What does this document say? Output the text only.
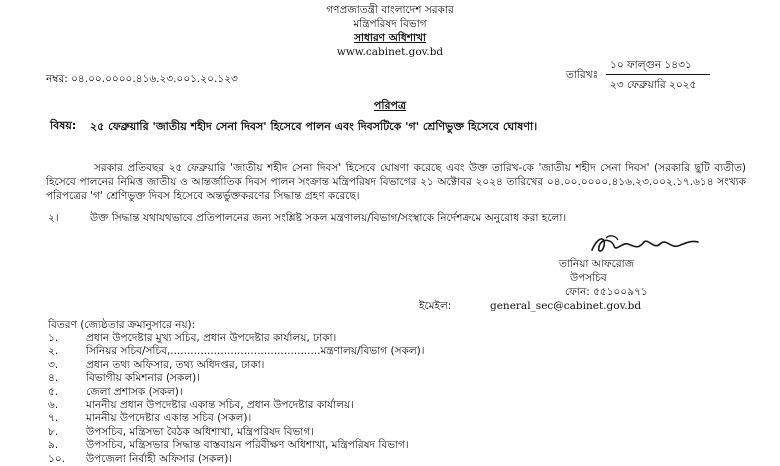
গণপ্রজাতন্ত্রী বাংলাদেশ সরকার
মন্ত্রিপরিষদ বিভাগ
সাধারণ অধিশাখা
www.cabinet.gov.bd
নম্বর: ০৪.০০.০০০০.৪১৬.২৩.০০১.২০.১২৩
১০ ফাল্গুন ১৪৩১
তারিখঃ
২৩ ফেব্রুয়ারি ২০২৫
পরিপত্র
বিষয়: ২৫ ফেব্রুয়ারি 'জাতীয় শহীদ সেনা দিবস' হিসেবে পালন এবং দিবসটিকে 'গ' শ্রেণিভুক্ত হিসেবে ঘোষণা।
সরকার প্রতিবছর ২৫ ফেব্রুয়ারি 'জাতীয় শহীদ সেনা দিবস' হিসেবে ঘোষণা করেছে এবং উক্ত তারিখ-কে 'জাতীয় শহীদ সেনা দিবস' (সরকারি ছুটি ব্যতীত) হিসেবে পালনের নিমিত্ত জাতীয় ও আন্তর্জাতিক দিবস পালন সংক্রান্ত মন্ত্রিপরিষদ বিভাগের ২১ অক্টোবর ২০২৪ তারিখের ০৪.০০.০০০০.৪১৬.২৩.০০২.১৭.৬১৪ সংখ্যক পরিপত্রের 'গ' শ্রেণিভুক্ত দিবস হিসেবে অন্তর্ভুক্তকরণের সিদ্ধান্ত গ্রহণ করেছে।
২।	উক্ত সিদ্ধান্ত যথাযথভাবে প্রতিপালনের জন্য সংশ্লিষ্ট সকল মন্ত্রণালয়/বিভাগ/সংস্থাকে নির্দেশক্রমে অনুরোধ করা হলো।
তানিয়া আফরোজ
উপসচিব
ফোন: ৫৫১০০৯৭১
ইমেইল:	general_sec@cabinet.gov.bd
বিতরণ (জ্যেষ্ঠতার ক্রমানুসারে নয়):
১.	প্রধান উপদেষ্টার মুখ্য সচিব, প্রধান উপদেষ্টার কার্যালয়, ঢাকা।
২.	সিনিয়র সচিব/সচিব,.............................................মন্ত্রণালয়/বিভাগ (সকল)।
৩.	প্রধান তথ্য অফিসার, তথ্য অধিদপ্তর, ঢাকা।
৪.	বিভাগীয় কমিশনার (সকল)।
৫.	জেলা প্রশাসক (সকল)।
৬.	মাননীয় প্রধান উপদেষ্টার একান্ত সচিব, প্রধান উপদেষ্টার কার্যালয়।
৭.	মাননীয় উপদেষ্টার একান্ত সচিব (সকল)।
৮.	উপসচিব, মন্ত্রিসভা বৈঠক অধিশাখা, মন্ত্রিপরিষদ বিভাগ।
৯.	উপসচিব, মন্ত্রিসভার সিদ্ধান্ত বাস্তবায়ন পরিবীক্ষণ অধিশাখা, মন্ত্রিপরিষদ বিভাগ।
১০. উপজেলা নির্বাহী অফিসার (সকল)।
